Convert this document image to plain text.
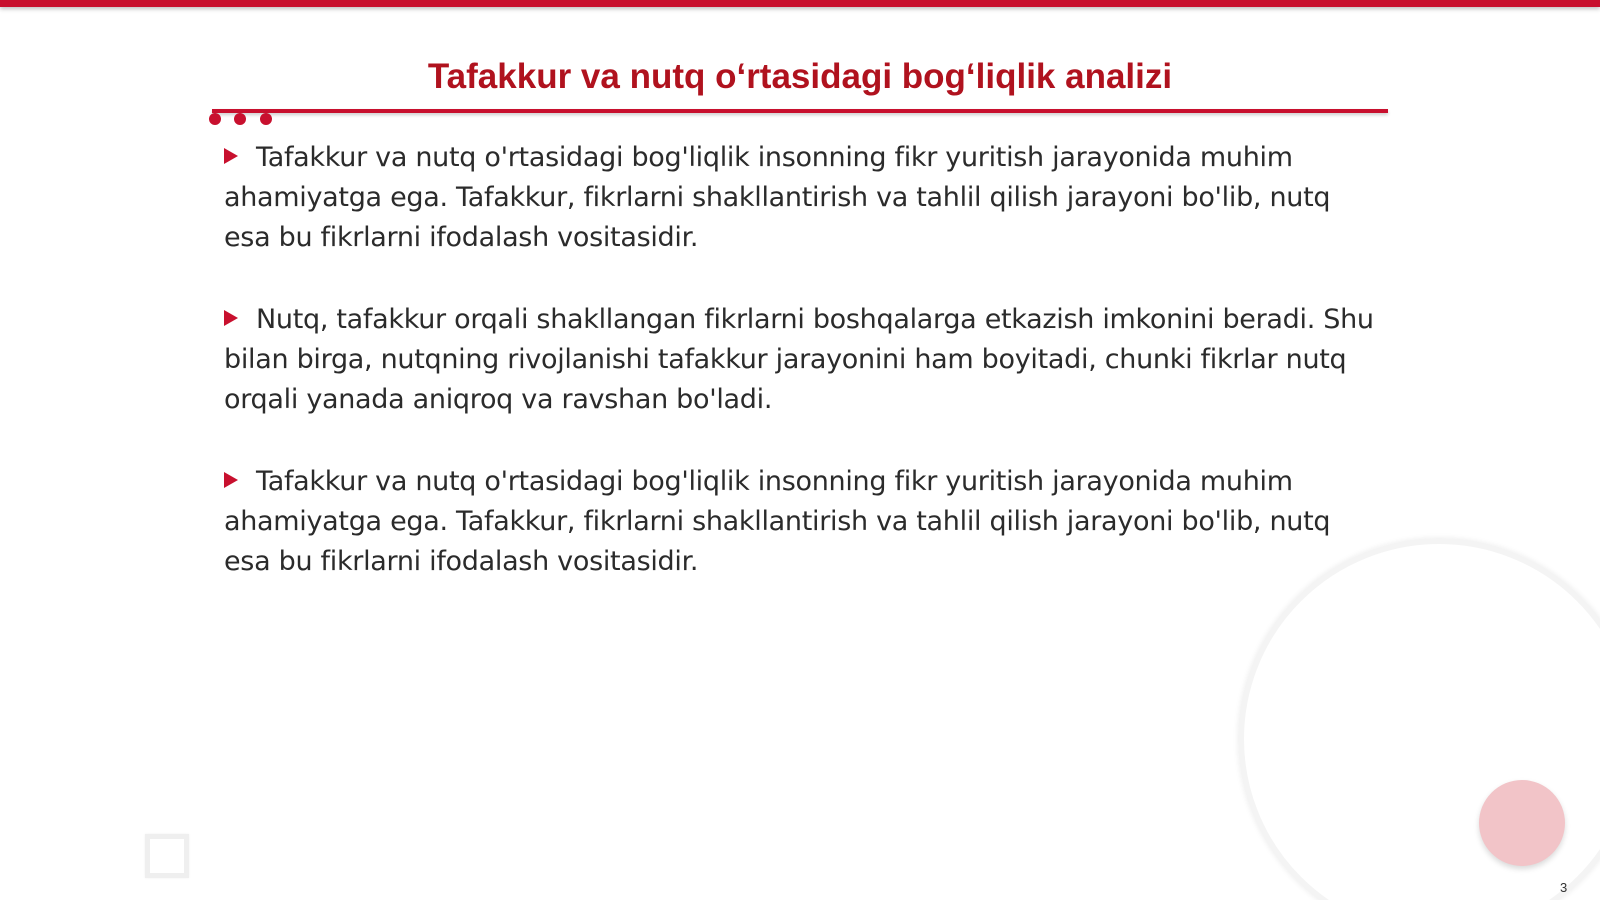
Tafakkur va nutq o‘rtasidagi bog‘liqlik analizi

Tafakkur va nutq o'rtasidagi bog'liqlik insonning fikr yuritish jarayonida muhim ahamiyatga ega. Tafakkur, fikrlarni shakllantirish va tahlil qilish jarayoni bo'lib, nutq esa bu fikrlarni ifodalash vositasidir.

Nutq, tafakkur orqali shakllangan fikrlarni boshqalarga etkazish imkonini beradi. Shu bilan birga, nutqning rivojlanishi tafakkur jarayonini ham boyitadi, chunki fikrlar nutq orqali yanada aniqroq va ravshan bo'ladi.

Tafakkur va nutq o'rtasidagi bog'liqlik insonning fikr yuritish jarayonida muhim ahamiyatga ega. Tafakkur, fikrlarni shakllantirish va tahlil qilish jarayoni bo'lib, nutq esa bu fikrlarni ifodalash vositasidir.

3
